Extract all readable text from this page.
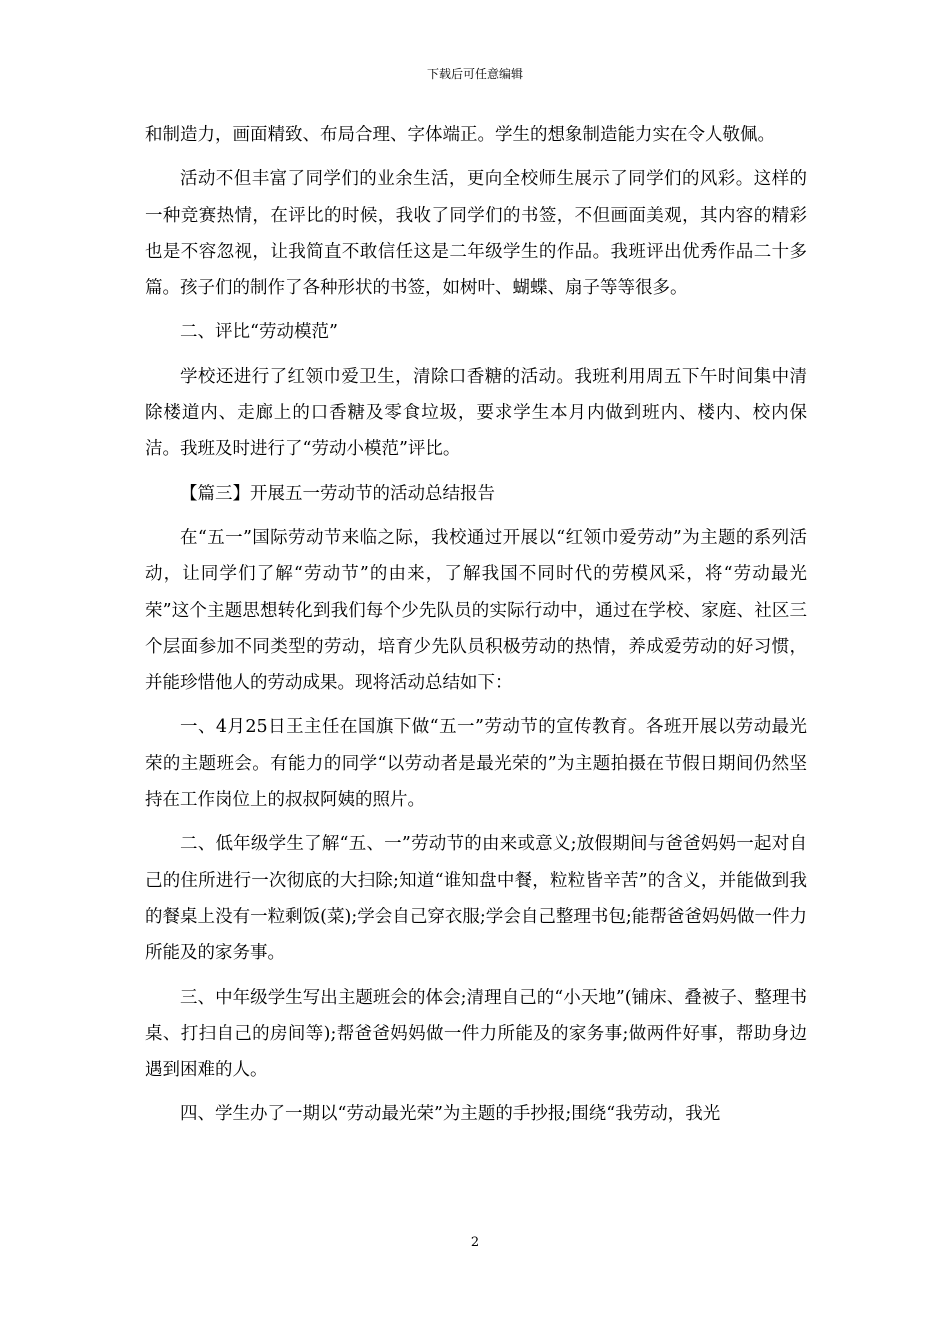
下载后可任意编辑

和制造力，画面精致、布局合理、字体端正。学生的想象制造能力实在令人敬佩。

活动不但丰富了同学们的业余生活，更向全校师生展示了同学们的风彩。这样的一种竞赛热情，在评比的时候，我收了同学们的书签，不但画面美观，其内容的精彩也是不容忽视，让我简直不敢信任这是二年级学生的作品。我班评出优秀作品二十多篇。孩子们的制作了各种形状的书签，如树叶、蝴蝶、扇子等等很多。

二、评比“劳动模范”

学校还进行了红领巾爱卫生，清除口香糖的活动。我班利用周五下午时间集中清除楼道内、走廊上的口香糖及零食垃圾，要求学生本月内做到班内、楼内、校内保洁。我班及时进行了“劳动小模范”评比。

【篇三】开展五一劳动节的活动总结报告

在“五一”国际劳动节来临之际，我校通过开展以“红领巾爱劳动”为主题的系列活动，让同学们了解“劳动节”的由来，了解我国不同时代的劳模风采，将“劳动最光荣”这个主题思想转化到我们每个少先队员的实际行动中，通过在学校、家庭、社区三个层面参加不同类型的劳动，培育少先队员积极劳动的热情，养成爱劳动的好习惯，并能珍惜他人的劳动成果。现将活动总结如下：

一、4月25日王主任在国旗下做“五一”劳动节的宣传教育。各班开展以劳动最光荣的主题班会。有能力的同学“以劳动者是最光荣的”为主题拍摄在节假日期间仍然坚持在工作岗位上的叔叔阿姨的照片。

二、低年级学生了解“五、一”劳动节的由来或意义;放假期间与爸爸妈妈一起对自己的住所进行一次彻底的大扫除;知道“谁知盘中餐，粒粒皆辛苦”的含义，并能做到我的餐桌上没有一粒剩饭(菜);学会自己穿衣服;学会自己整理书包;能帮爸爸妈妈做一件力所能及的家务事。

三、中年级学生写出主题班会的体会;清理自己的“小天地”(铺床、叠被子、整理书桌、打扫自己的房间等);帮爸爸妈妈做一件力所能及的家务事;做两件好事，帮助身边遇到困难的人。

四、学生办了一期以“劳动最光荣”为主题的手抄报;围绕“我劳动，我光

2
